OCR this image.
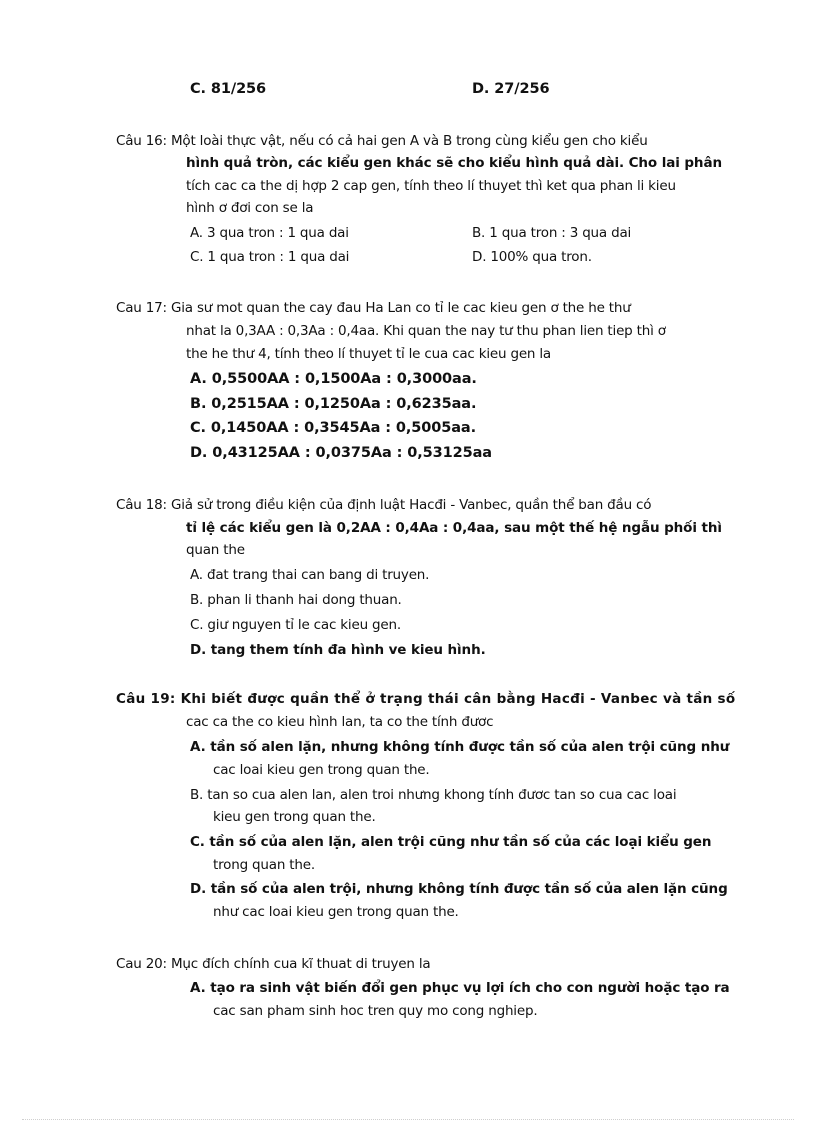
C. 81/256	D. 27/256
Câu 16: Một loài thực vật, nếu có cả hai gen A và B trong cùng kiểu gen cho kiểu
hình quả tròn, các kiểu gen khác sẽ cho kiểu hình quả dài. Cho lai phân
tích cac ca the dị hợp 2 cap gen, tính theo lí thuyet thì ket qua phan li kieu
hình ơ đơi con se la
A. 3 qua tron : 1 qua dai	B. 1 qua tron : 3 qua dai
C. 1 qua tron : 1 qua dai	D. 100% qua tron.
Cau 17: Gia sư mot quan the cay đau Ha Lan co tỉ le cac kieu gen ơ the he thư
nhat la 0,3AA : 0,3Aa : 0,4aa. Khi quan the nay tư thu phan lien tiep thì ơ
the he thư 4, tính theo lí thuyet tỉ le cua cac kieu gen la
A. 0,5500AA : 0,1500Aa : 0,3000aa.
B. 0,2515AA : 0,1250Aa : 0,6235aa.
C. 0,1450AA : 0,3545Aa : 0,5005aa.
D. 0,43125AA : 0,0375Aa : 0,53125aa
Câu 18: Giả sử trong điều kiện của định luật Hacđi - Vanbec, quần thể ban đầu có
tỉ lệ các kiểu gen là 0,2AA : 0,4Aa : 0,4aa, sau một thế hệ ngẫu phối thì
quan the
A. đat trang thai can bang di truyen.
B. phan li thanh hai dong thuan.
C. giư nguyen tỉ le cac kieu gen.
D. tang them tính đa hình ve kieu hình.
Câu 19: Khi biết được quần thể ở trạng thái cân bằng Hacđi - Vanbec và tần số
cac ca the co kieu hình lan, ta co the tính đươc
A. tần số alen lặn, nhưng không tính được tần số của alen trội cũng như
cac loai kieu gen trong quan the.
B. tan so cua alen lan, alen troi nhưng khong tính đươc tan so cua cac loai
kieu gen trong quan the.
C. tần số của alen lặn, alen trội cũng như tần số của các loại kiểu gen
trong quan the.
D. tần số của alen trội, nhưng không tính được tần số của alen lặn cũng
như cac loai kieu gen trong quan the.
Cau 20: Mục đích chính cua kĩ thuat di truyen la
A. tạo ra sinh vật biến đổi gen phục vụ lợi ích cho con người hoặc tạo ra
cac san pham sinh hoc tren quy mo cong nghiep.
